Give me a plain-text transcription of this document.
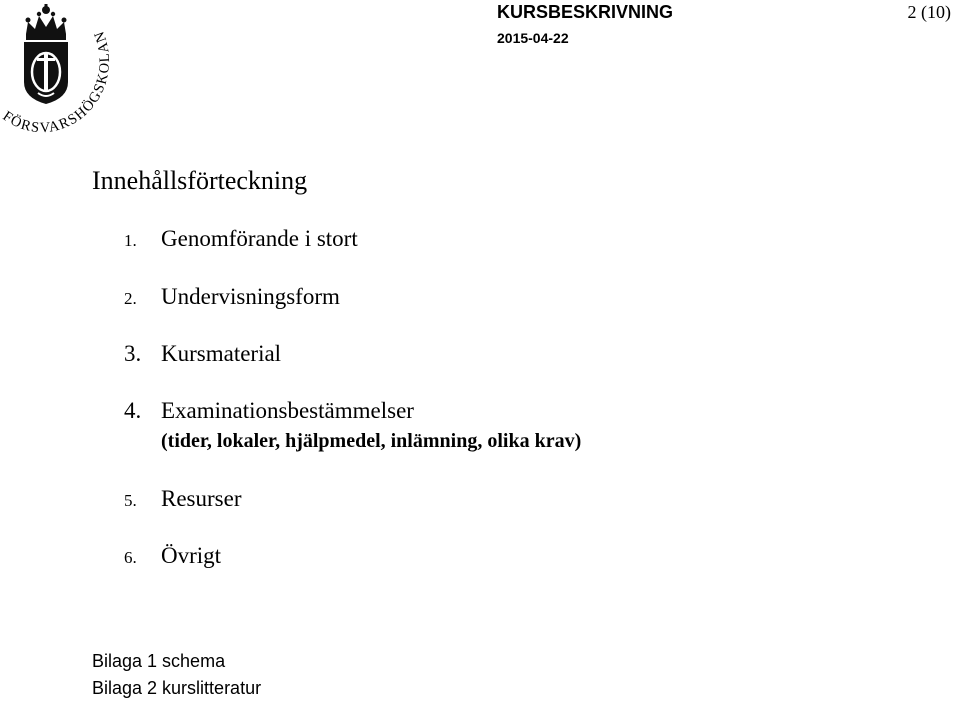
FÖRSVARSHÖGSKOLAN
KURSBESKRIVNING	2 (10)
2015-04-22
Innehållsförteckning
1. Genomförande i stort
2. Undervisningsform
3. Kursmaterial
4. Examinationsbestämmelser
(tider, lokaler, hjälpmedel, inlämning, olika krav)
5. Resurser
6. Övrigt
Bilaga 1 schema
Bilaga 2 kurslitteratur
